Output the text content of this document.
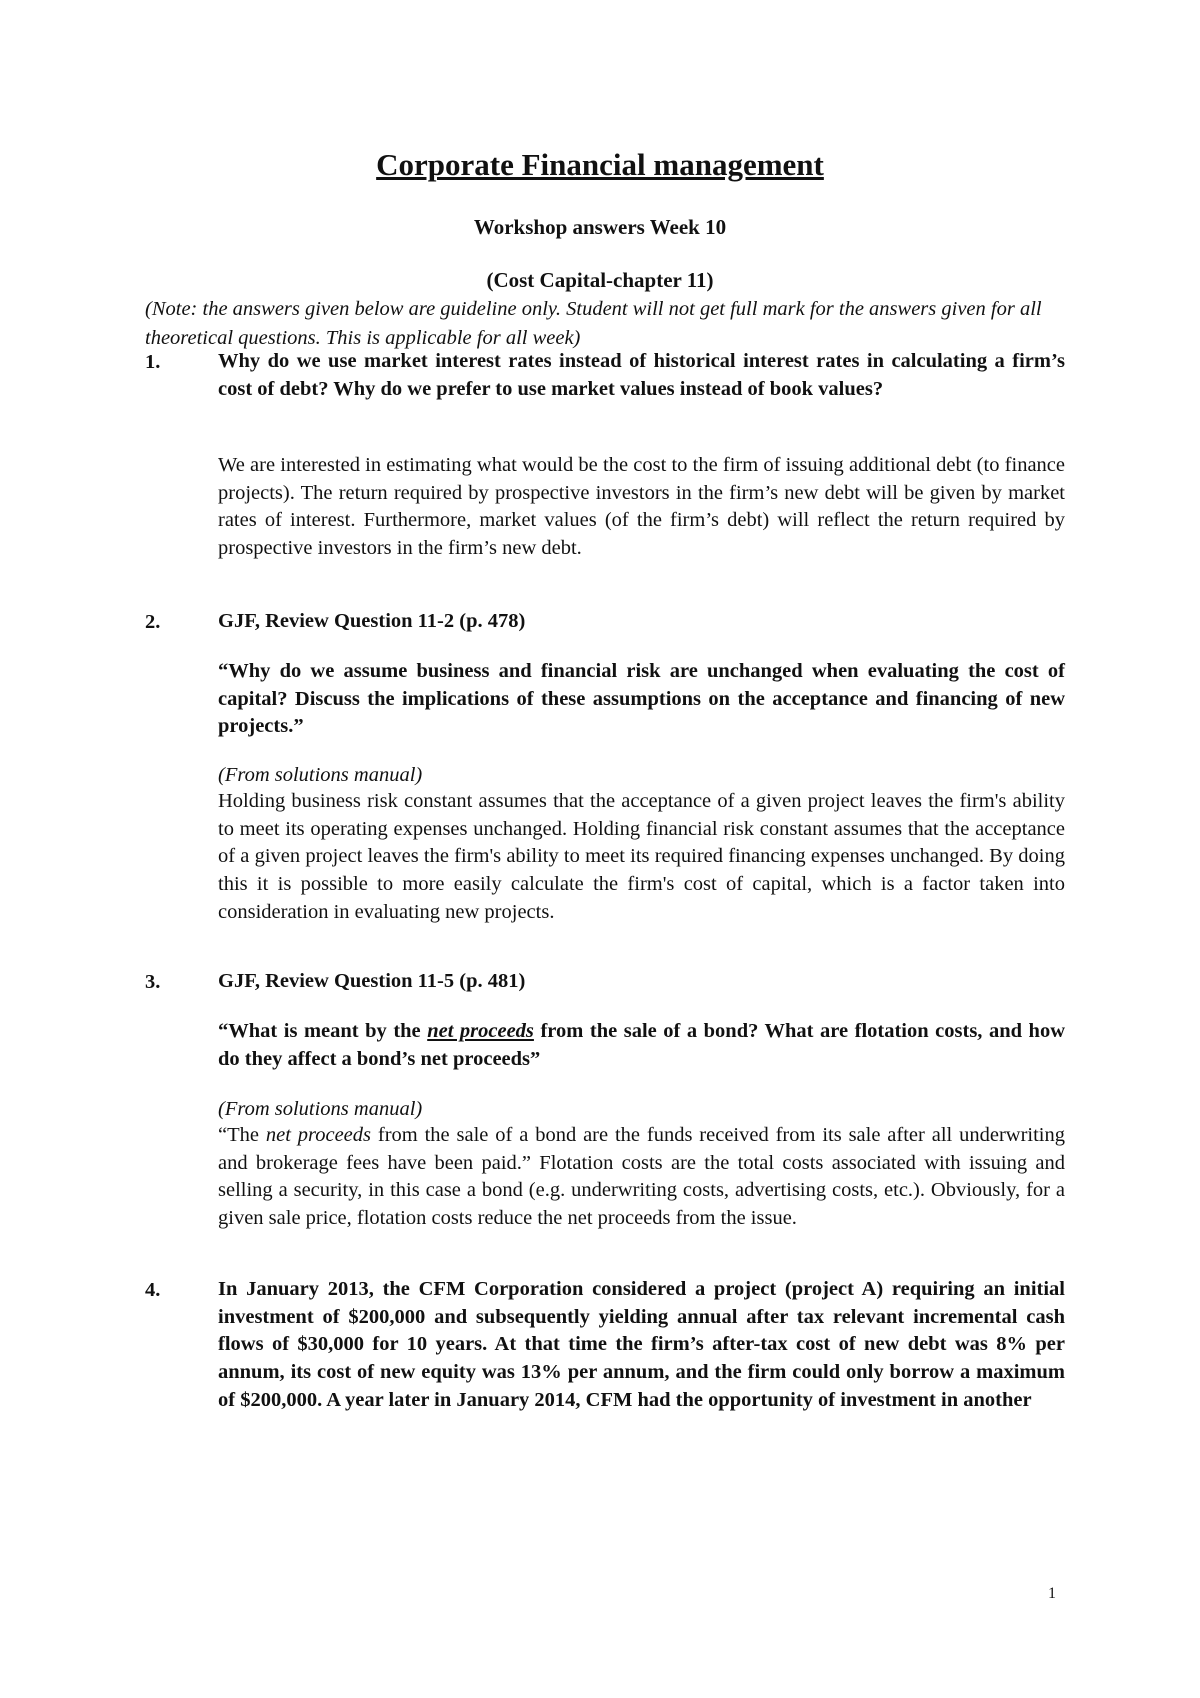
Corporate Financial management
Workshop answers Week 10
(Cost Capital-chapter 11)
(Note: the answers given below are guideline only. Student will not get full mark for the answers given for all theoretical questions. This is applicable for all week)
1.	Why do we use market interest rates instead of historical interest rates in calculating a firm’s cost of debt? Why do we prefer to use market values instead of book values?
We are interested in estimating what would be the cost to the firm of issuing additional debt (to finance projects). The return required by prospective investors in the firm’s new debt will be given by market rates of interest. Furthermore, market values (of the firm’s debt) will reflect the return required by prospective investors in the firm’s new debt.
2.	GJF, Review Question 11-2 (p. 478)
“Why do we assume business and financial risk are unchanged when evaluating the cost of capital? Discuss the implications of these assumptions on the acceptance and financing of new projects.”
(From solutions manual)
Holding business risk constant assumes that the acceptance of a given project leaves the firm's ability to meet its operating expenses unchanged. Holding financial risk constant assumes that the acceptance of a given project leaves the firm's ability to meet its required financing expenses unchanged. By doing this it is possible to more easily calculate the firm's cost of capital, which is a factor taken into consideration in evaluating new projects.
3.	GJF, Review Question 11-5 (p. 481)
“What is meant by the net proceeds from the sale of a bond? What are flotation costs, and how do they affect a bond’s net proceeds”
(From solutions manual)
“The net proceeds from the sale of a bond are the funds received from its sale after all underwriting and brokerage fees have been paid.” Flotation costs are the total costs associated with issuing and selling a security, in this case a bond (e.g. underwriting costs, advertising costs, etc.). Obviously, for a given sale price, flotation costs reduce the net proceeds from the issue.
4.	In January 2013, the CFM Corporation considered a project (project A) requiring an initial investment of $200,000 and subsequently yielding annual after tax relevant incremental cash flows of $30,000 for 10 years. At that time the firm’s after-tax cost of new debt was 8% per annum, its cost of new equity was 13% per annum, and the firm could only borrow a maximum of $200,000. A year later in January 2014, CFM had the opportunity of investment in another
1
